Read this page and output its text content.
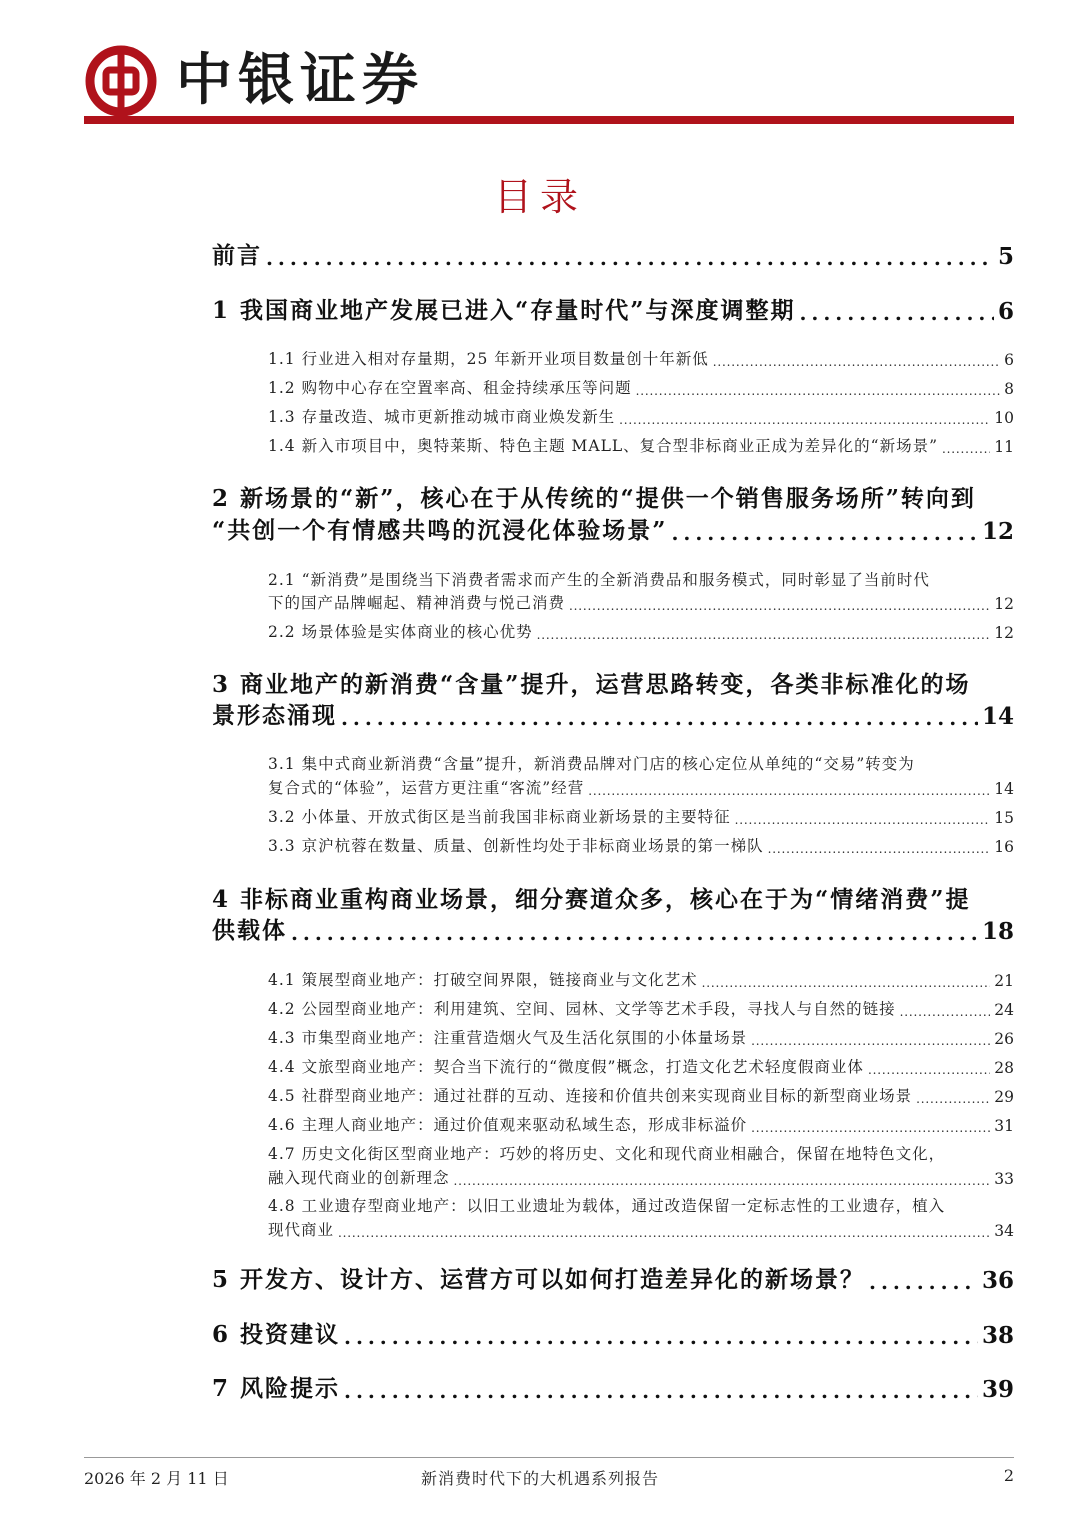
中银证券
目录
前言 . . .	5
1 我国商业地产发展已进入“存量时代”与深度调整期 . . .	6
1.1 行业进入相对存量期，25 年新开业项目数量创十年新低 . . .	6
1.2 购物中心存在空置率高、租金持续承压等问题 . . .	8
1.3 存量改造、城市更新推动城市商业焕发新生 . . .	10
1.4 新入市项目中，奥特莱斯、特色主题 MALL、复合型非标商业正成为差异化的“新场景” . . .	11
2 新场景的“新”，核心在于从传统的“提供一个销售服务场所”转向到
“共创一个有情感共鸣的沉浸化体验场景” . . .	12
2.1 “新消费”是围绕当下消费者需求而产生的全新消费品和服务模式，同时彰显了当前时代
下的国产品牌崛起、精神消费与悦己消费 . . .	12
2.2 场景体验是实体商业的核心优势 . . .	12
3 商业地产的新消费“含量”提升，运营思路转变，各类非标准化的场
景形态涌现 . . .	14
3.1 集中式商业新消费“含量”提升，新消费品牌对门店的核心定位从单纯的“交易”转变为
复合式的“体验”，运营方更注重“客流”经营 . . .	14
3.2 小体量、开放式街区是当前我国非标商业新场景的主要特征 . . .	15
3.3 京沪杭蓉在数量、质量、创新性均处于非标商业场景的第一梯队 . . .	16
4 非标商业重构商业场景，细分赛道众多，核心在于为“情绪消费”提
供载体 . . .	18
4.1 策展型商业地产：打破空间界限，链接商业与文化艺术 . . .	21
4.2 公园型商业地产：利用建筑、空间、园林、文学等艺术手段，寻找人与自然的链接 . . .	24
4.3 市集型商业地产：注重营造烟火气及生活化氛围的小体量场景 . . .	26
4.4 文旅型商业地产：契合当下流行的“微度假”概念，打造文化艺术轻度假商业体 . . .	28
4.5 社群型商业地产：通过社群的互动、连接和价值共创来实现商业目标的新型商业场景 . . .	29
4.6 主理人商业地产：通过价值观来驱动私域生态，形成非标溢价 . . .	31
4.7 历史文化街区型商业地产：巧妙的将历史、文化和现代商业相融合，保留在地特色文化，
融入现代商业的创新理念 . . .	33
4.8 工业遗存型商业地产：以旧工业遗址为载体，通过改造保留一定标志性的工业遗存，植入
现代商业 . . .	34
5 开发方、设计方、运营方可以如何打造差异化的新场景？ . . .	36
6 投资建议 . . .	38
7 风险提示 . . .	39
2026 年 2 月 11 日	新消费时代下的大机遇系列报告	2
